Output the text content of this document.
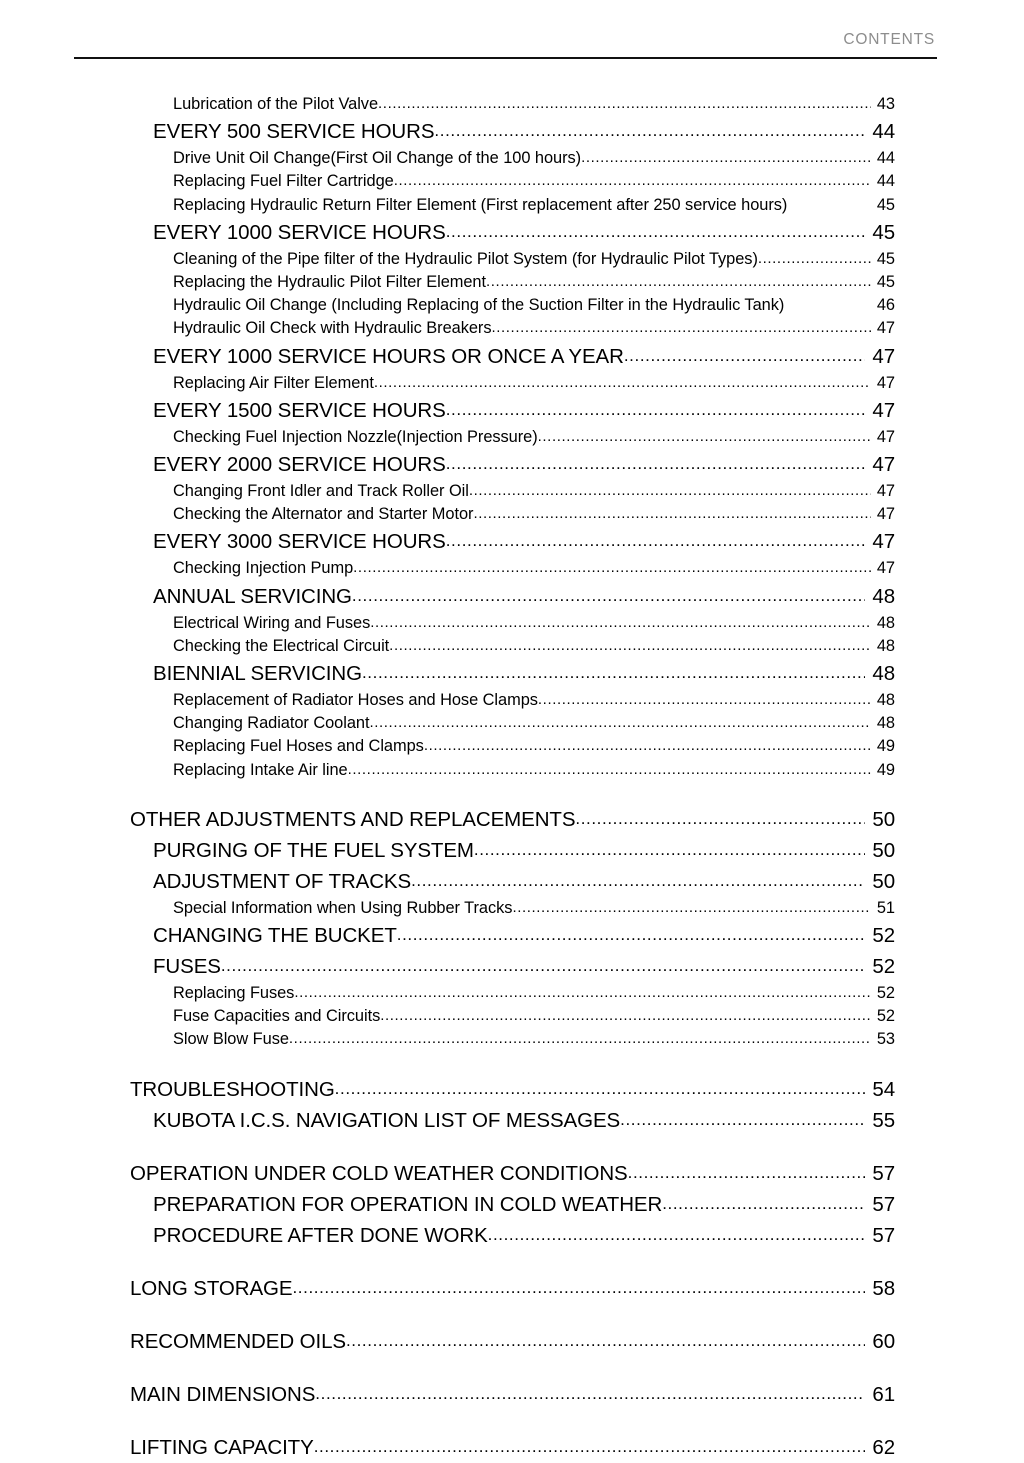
CONTENTS
Lubrication of the Pilot Valve .....	43
EVERY 500 SERVICE HOURS .....	44
Drive Unit Oil Change(First Oil Change of the 100 hours) .....	44
Replacing Fuel Filter Cartridge .....	44
Replacing Hydraulic Return Filter Element (First replacement after 250 service hours)	45
EVERY 1000 SERVICE HOURS .....	45
Cleaning of the Pipe filter of the Hydraulic Pilot System (for Hydraulic Pilot Types) .....	45
Replacing the Hydraulic Pilot Filter Element .....	45
Hydraulic Oil Change (Including Replacing of the Suction Filter in the Hydraulic Tank)	46
Hydraulic Oil Check with Hydraulic Breakers .....	47
EVERY 1000 SERVICE HOURS OR ONCE A YEAR .....	47
Replacing Air Filter Element .....	47
EVERY 1500 SERVICE HOURS .....	47
Checking Fuel Injection Nozzle(Injection Pressure) .....	47
EVERY 2000 SERVICE HOURS .....	47
Changing Front Idler and Track Roller Oil .....	47
Checking the Alternator and Starter Motor .....	47
EVERY 3000 SERVICE HOURS .....	47
Checking Injection Pump .....	47
ANNUAL SERVICING .....	48
Electrical Wiring and Fuses .....	48
Checking the Electrical Circuit .....	48
BIENNIAL SERVICING .....	48
Replacement of Radiator Hoses and Hose Clamps .....	48
Changing Radiator Coolant .....	48
Replacing Fuel Hoses and Clamps .....	49
Replacing Intake Air line .....	49
OTHER ADJUSTMENTS AND REPLACEMENTS .....	50
PURGING OF THE FUEL SYSTEM .....	50
ADJUSTMENT OF TRACKS .....	50
Special Information when Using Rubber Tracks .....	51
CHANGING THE BUCKET .....	52
FUSES .....	52
Replacing Fuses .....	52
Fuse Capacities and Circuits .....	52
Slow Blow Fuse .....	53
TROUBLESHOOTING .....	54
KUBOTA I.C.S. NAVIGATION LIST OF MESSAGES .....	55
OPERATION UNDER COLD WEATHER CONDITIONS .....	57
PREPARATION FOR OPERATION IN COLD WEATHER .....	57
PROCEDURE AFTER DONE WORK .....	57
LONG STORAGE .....	58
RECOMMENDED OILS .....	60
MAIN DIMENSIONS .....	61
LIFTING CAPACITY .....	62
